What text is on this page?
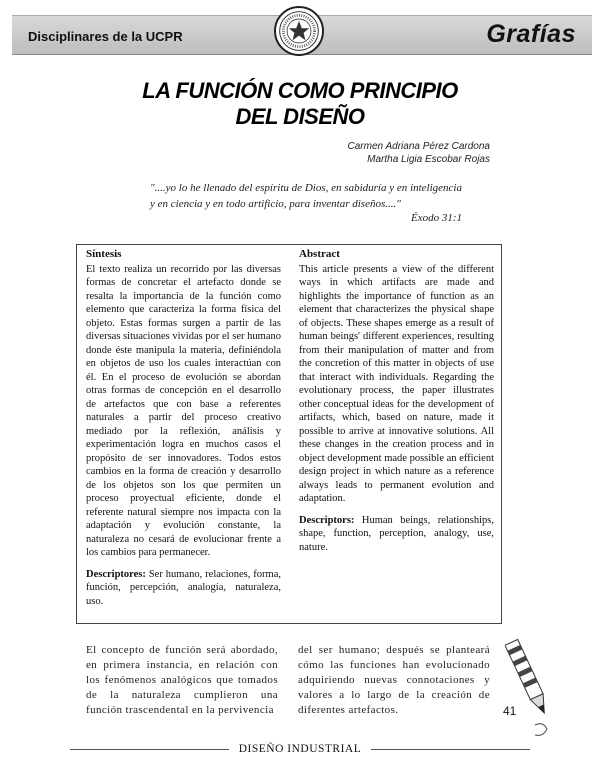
Disciplinares de la UCPR	Grafías
LA FUNCIÓN COMO PRINCIPIO
DEL DISEÑO
Carmen Adriana Pérez Cardona
Martha Ligia Escobar Rojas
"....yo lo he llenado del espíritu de Dios, en sabiduría y en inteligencia y en ciencia y en todo artificio, para inventar diseños...."
Éxodo 31:1
Síntesis

El texto realiza un recorrido por las diversas formas de concretar el artefacto donde se resalta la importancia de la función como elemento que caracteriza la forma física del objeto. Estas formas surgen a partir de las diversas situaciones vividas por el ser humano donde éste manipula la materia, definiéndola en objetos de uso los cuales interactúan con él. En el proceso de evolución se abordan otras formas de concepción en el desarrollo de artefactos que con base a referentes naturales a partir del proceso creativo mediado por la reflexión, análisis y experimentación logra en muchos casos el propósito de ser innovadores. Todos estos cambios en la forma de creación y desarrollo de los objetos son los que permiten un proceso proyectual eficiente, donde el referente natural siempre nos impacta con la adaptación y evolución constante, la naturaleza no cesará de evolucionar frente a los cambios para permanecer.

Descriptores: Ser humano, relaciones, forma, función, percepción, analogía, naturaleza, uso.

Abstract

This article presents a view of the different ways in which artifacts are made and highlights the importance of function as an element that characterizes the physical shape of objects. These shapes emerge as a result of human beings' different experiences, resulting from their manipulation of matter and from the concretion of this matter in objects of use that interact with individuals. Regarding the evolutionary process, the paper illustrates other conceptual ideas for the development of artifacts, which, based on nature, made it possible to arrive at innovative solutions. All these changes in the creation process and in object development made possible an efficient design project in which nature as a reference always leads to permanent evolution and adaptation.

Descriptors: Human beings, relationships, shape, function, perception, analogy, use, nature.

El concepto de función será abordado, en primera instancia, en relación con los fenómenos analógicos que tomados de la naturaleza cumplieron una función trascendental en la pervivencia
del ser humano; después se planteará cómo las funciones han evolucionado adquiriendo nuevas connotaciones y valores a lo largo de la creación de diferentes artefactos.	41
DISEÑO INDUSTRIAL
